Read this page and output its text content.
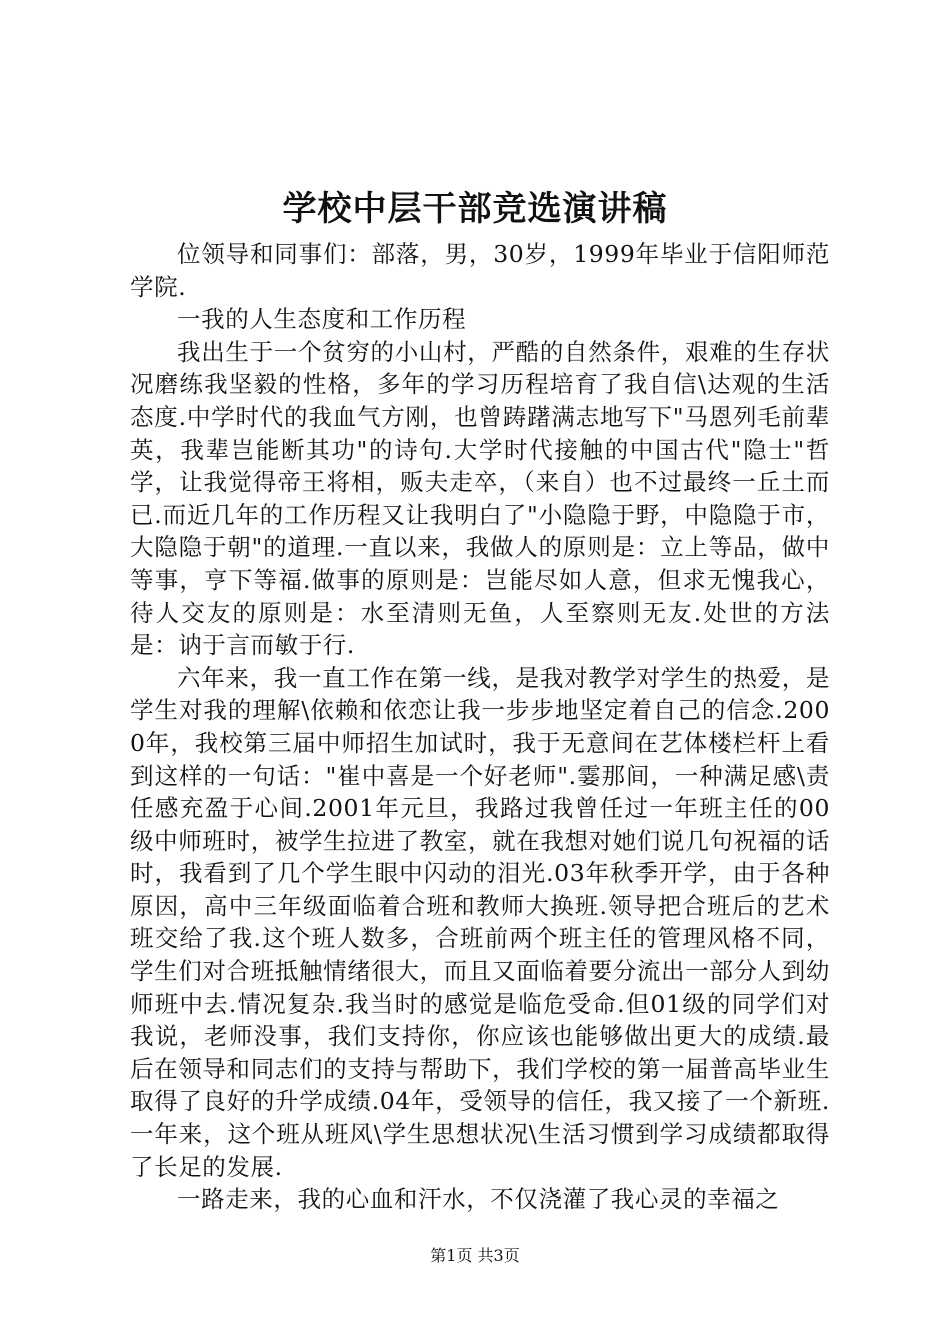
学校中层干部竞选演讲稿

位领导和同事们：部落，男，30岁，1999年毕业于信阳师范学院.

一我的人生态度和工作历程

我出生于一个贫穷的小山村，严酷的自然条件，艰难的生存状况磨练我坚毅的性格，多年的学习历程培育了我自信\达观的生活态度.中学时代的我血气方刚，也曾踌躇满志地写下"马恩列毛前辈英，我辈岂能断其功"的诗句.大学时代接触的中国古代"隐士"哲学，让我觉得帝王将相，贩夫走卒，（来自）也不过最终一丘土而已.而近几年的工作历程又让我明白了"小隐隐于野，中隐隐于市，大隐隐于朝"的道理.一直以来，我做人的原则是：立上等品，做中等事，亨下等福.做事的原则是：岂能尽如人意，但求无愧我心，待人交友的原则是：水至清则无鱼，人至察则无友.处世的方法是：讷于言而敏于行.

六年来，我一直工作在第一线，是我对教学对学生的热爱，是学生对我的理解\依赖和依恋让我一步步地坚定着自己的信念.2000年，我校第三届中师招生加试时，我于无意间在艺体楼栏杆上看到这样的一句话："崔中喜是一个好老师".霎那间，一种满足感\责任感充盈于心间.2001年元旦，我路过我曾任过一年班主任的00级中师班时，被学生拉进了教室，就在我想对她们说几句祝福的话时，我看到了几个学生眼中闪动的泪光.03年秋季开学，由于各种原因，高中三年级面临着合班和教师大换班.领导把合班后的艺术班交给了我.这个班人数多，合班前两个班主任的管理风格不同，学生们对合班抵触情绪很大，而且又面临着要分流出一部分人到幼师班中去.情况复杂.我当时的感觉是临危受命.但01级的同学们对我说，老师没事，我们支持你，你应该也能够做出更大的成绩.最后在领导和同志们的支持与帮助下，我们学校的第一届普高毕业生取得了良好的升学成绩.04年，受领导的信任，我又接了一个新班.一年来，这个班从班风\学生思想状况\生活习惯到学习成绩都取得了长足的发展.

一路走来，我的心血和汗水，不仅浇灌了我心灵的幸福之

第1页 共3页
